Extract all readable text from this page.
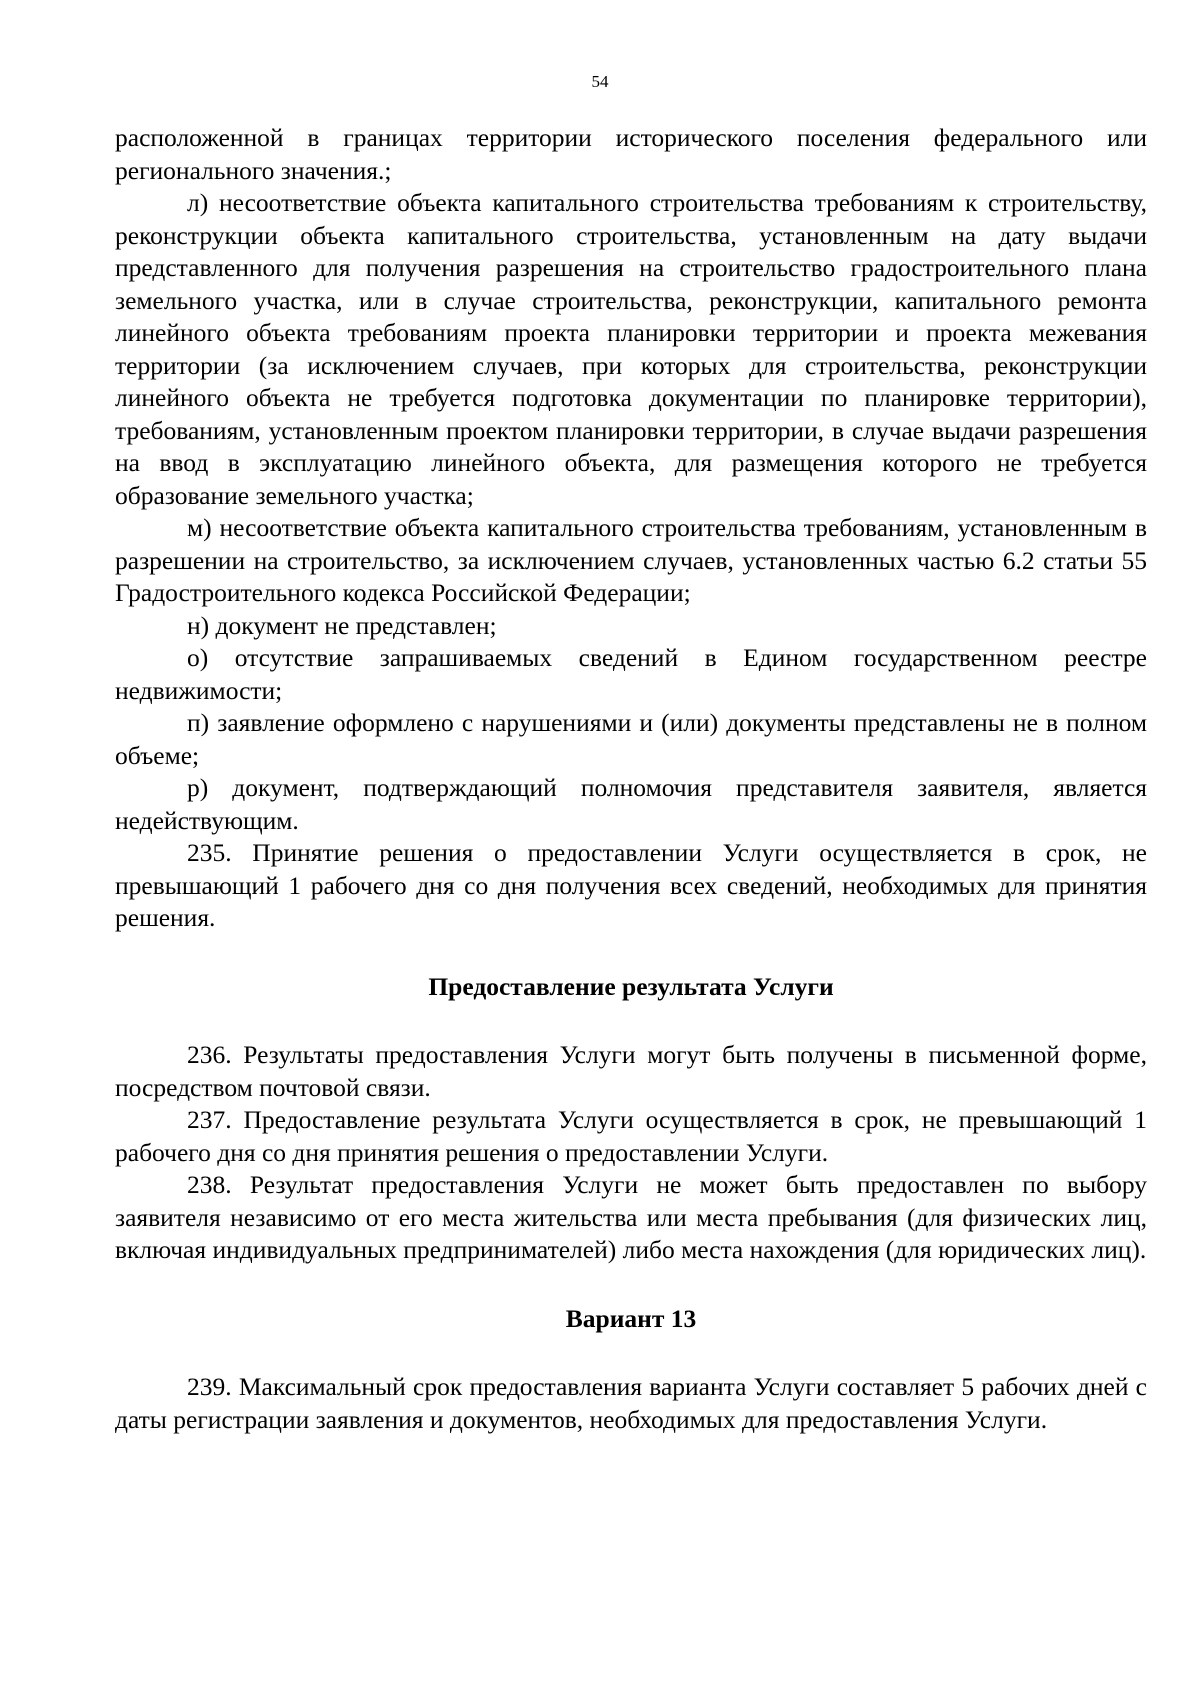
54

расположенной в границах территории исторического поселения федерального или регионального значения.;

л) несоответствие объекта капитального строительства требованиям к строительству, реконструкции объекта капитального строительства, установленным на дату выдачи представленного для получения разрешения на строительство градостроительного плана земельного участка, или в случае строительства, реконструкции, капитального ремонта линейного объекта требованиям проекта планировки территории и проекта межевания территории (за исключением случаев, при которых для строительства, реконструкции линейного объекта не требуется подготовка документации по планировке территории), требованиям, установленным проектом планировки территории, в случае выдачи разрешения на ввод в эксплуатацию линейного объекта, для размещения которого не требуется образование земельного участка;

м) несоответствие объекта капитального строительства требованиям, установленным в разрешении на строительство, за исключением случаев, установленных частью 6.2 статьи 55 Градостроительного кодекса Российской Федерации;

н) документ не представлен;

о) отсутствие запрашиваемых сведений в Едином государственном реестре недвижимости;

п) заявление оформлено с нарушениями и (или) документы представлены не в полном объеме;

р) документ, подтверждающий полномочия представителя заявителя, является недействующим.

235. Принятие решения о предоставлении Услуги осуществляется в срок, не превышающий 1 рабочего дня со дня получения всех сведений, необходимых для принятия решения.

Предоставление результата Услуги

236. Результаты предоставления Услуги могут быть получены в письменной форме, посредством почтовой связи.

237. Предоставление результата Услуги осуществляется в срок, не превышающий 1 рабочего дня со дня принятия решения о предоставлении Услуги.

238. Результат предоставления Услуги не может быть предоставлен по выбору заявителя независимо от его места жительства или места пребывания (для физических лиц, включая индивидуальных предпринимателей) либо места нахождения (для юридических лиц).

Вариант 13

239. Максимальный срок предоставления варианта Услуги составляет 5 рабочих дней с даты регистрации заявления и документов, необходимых для предоставления Услуги.
